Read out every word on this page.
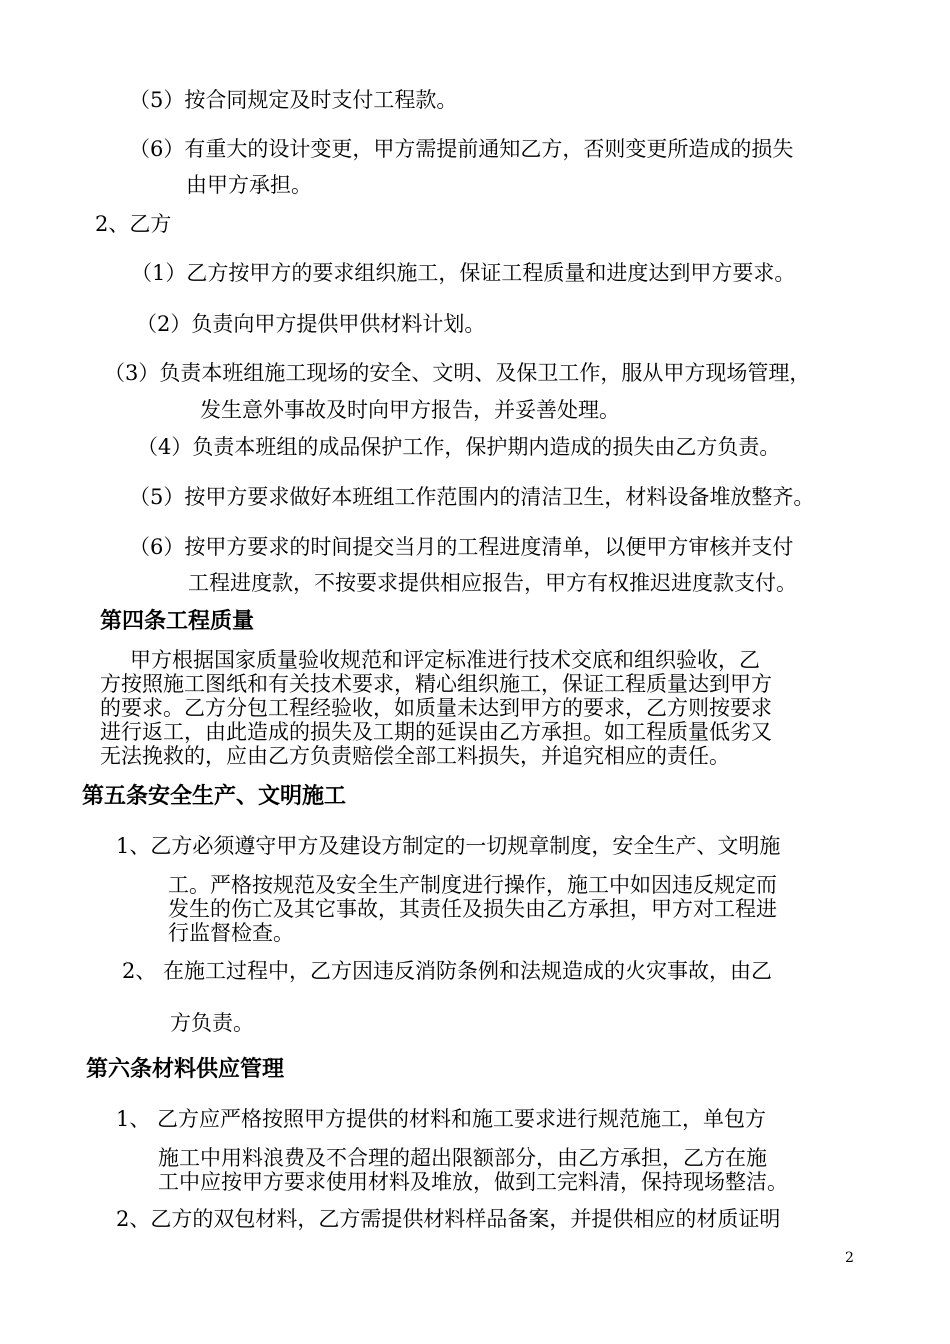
（5）按合同规定及时支付工程款。

（6）有重大的设计变更，甲方需提前通知乙方，否则变更所造成的损失

由甲方承担。

2、乙方

（1）乙方按甲方的要求组织施工，保证工程质量和进度达到甲方要求。

（2）负责向甲方提供甲供材料计划。

（3）负责本班组施工现场的安全、文明、及保卫工作，服从甲方现场管理，

发生意外事故及时向甲方报告，并妥善处理。

（4）负责本班组的成品保护工作，保护期内造成的损失由乙方负责。

（5）按甲方要求做好本班组工作范围内的清洁卫生，材料设备堆放整齐。

（6）按甲方要求的时间提交当月的工程进度清单，以便甲方审核并支付

工程进度款，不按要求提供相应报告，甲方有权推迟进度款支付。

第四条工程质量

甲方根据国家质量验收规范和评定标准进行技术交底和组织验收，乙

方按照施工图纸和有关技术要求，精心组织施工，保证工程质量达到甲方

的要求。乙方分包工程经验收，如质量未达到甲方的要求，乙方则按要求

进行返工，由此造成的损失及工期的延误由乙方承担。如工程质量低劣又

无法挽救的，应由乙方负责赔偿全部工料损失，并追究相应的责任。

第五条安全生产、文明施工

1、乙方必须遵守甲方及建设方制定的一切规章制度，安全生产、文明施

工。严格按规范及安全生产制度进行操作，施工中如因违反规定而

发生的伤亡及其它事故，其责任及损失由乙方承担，甲方对工程进

行监督检查。

2、 在施工过程中，乙方因违反消防条例和法规造成的火灾事故，由乙

方负责。

第六条材料供应管理

1、 乙方应严格按照甲方提供的材料和施工要求进行规范施工，单包方

施工中用料浪费及不合理的超出限额部分，由乙方承担，乙方在施

工中应按甲方要求使用材料及堆放，做到工完料清，保持现场整洁。

2、乙方的双包材料，乙方需提供材料样品备案，并提供相应的材质证明

2
